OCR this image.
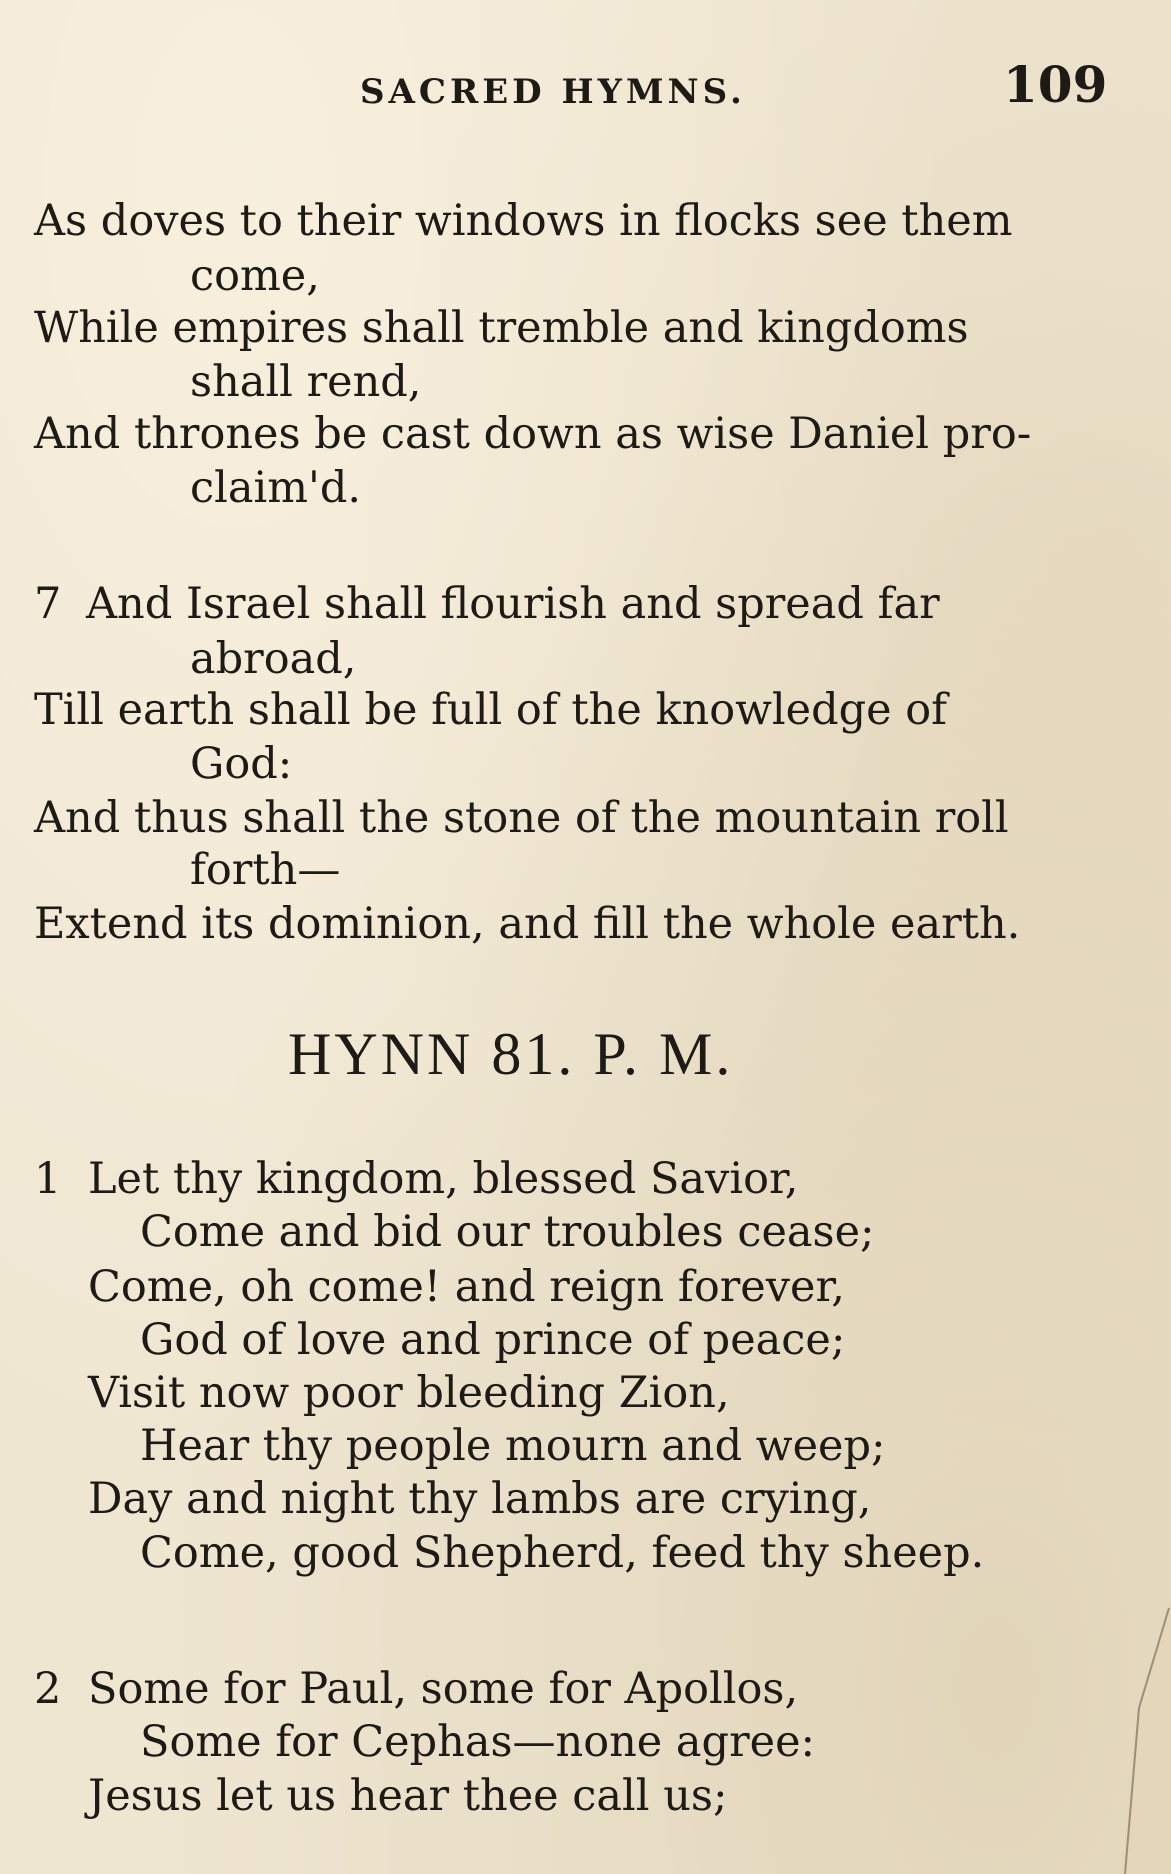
SACRED HYMNS.	109
As doves to their windows in flocks see them
come,
While empires shall tremble and kingdoms
shall rend,
And thrones be cast down as wise Daniel pro-
claim'd.
7 And Israel shall flourish and spread far
abroad,
Till earth shall be full of the knowledge of
God:
And thus shall the stone of the mountain roll
forth—
Extend its dominion, and fill the whole earth.
HYNN 81. P. M.
1 Let thy kingdom, blessed Savior,
Come and bid our troubles cease;
Come, oh come! and reign forever,
God of love and prince of peace;
Visit now poor bleeding Zion,
Hear thy people mourn and weep;
Day and night thy lambs are crying,
Come, good Shepherd, feed thy sheep.
2 Some for Paul, some for Apollos,
Some for Cephas—none agree:
Jesus let us hear thee call us;
